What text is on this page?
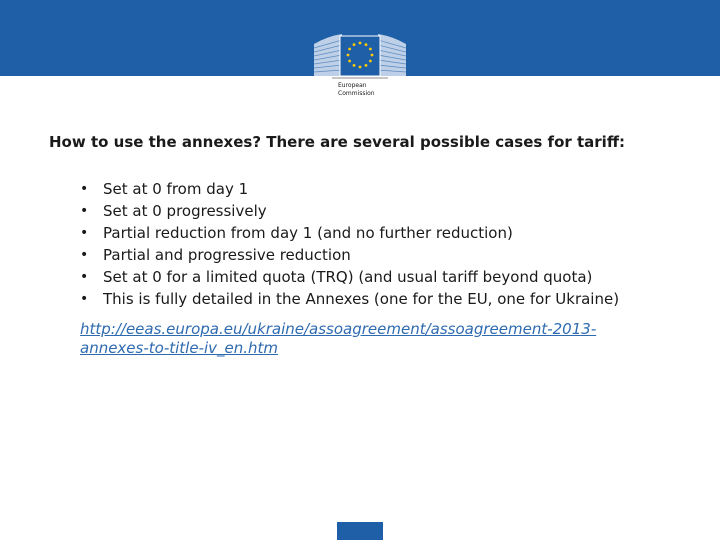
European
Commission
How to use the annexes? There are several possible cases for tariff:
• Set at 0 from day 1
• Set at 0 progressively
• Partial reduction from day 1 (and no further reduction)
• Partial and progressive reduction
• Set at 0 for a limited quota (TRQ) (and usual tariff beyond quota)
• This is fully detailed in the Annexes (one for the EU, one for Ukraine)
http://eeas.europa.eu/ukraine/assoagreement/assoagreement-2013-
annexes-to-title-iv_en.htm
